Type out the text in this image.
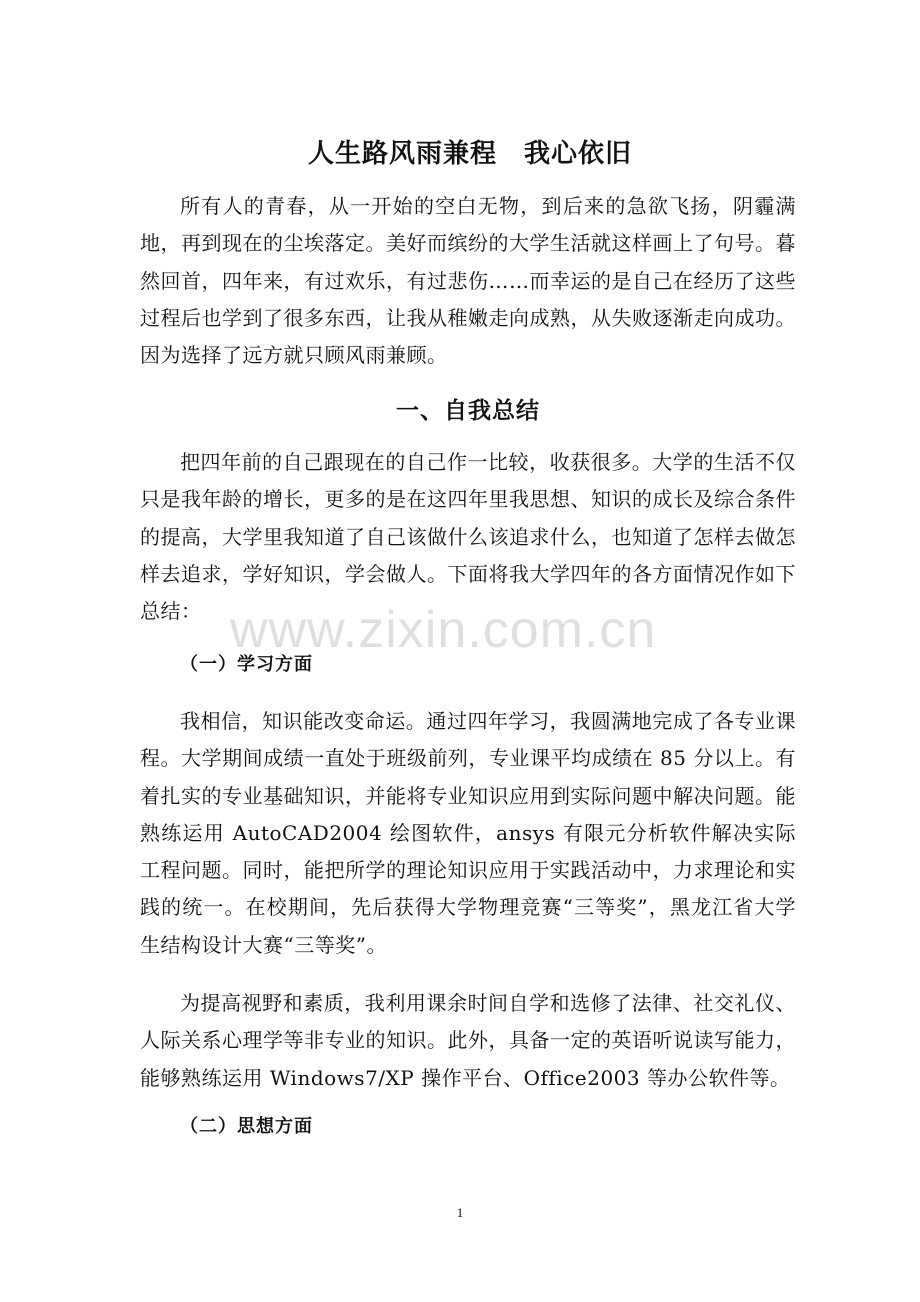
人生路风雨兼程　我心依旧

所有人的青春，从一开始的空白无物，到后来的急欲飞扬，阴霾满地，再到现在的尘埃落定。美好而缤纷的大学生活就这样画上了句号。暮然回首，四年来，有过欢乐，有过悲伤……而幸运的是自己在经历了这些过程后也学到了很多东西，让我从稚嫩走向成熟，从失败逐渐走向成功。因为选择了远方就只顾风雨兼顾。

一、自我总结

把四年前的自己跟现在的自己作一比较，收获很多。大学的生活不仅只是我年龄的增长，更多的是在这四年里我思想、知识的成长及综合条件的提高，大学里我知道了自己该做什么该追求什么，也知道了怎样去做怎样去追求，学好知识，学会做人。下面将我大学四年的各方面情况作如下总结：

（一）学习方面

我相信，知识能改变命运。通过四年学习，我圆满地完成了各专业课程。大学期间成绩一直处于班级前列，专业课平均成绩在 85 分以上。有着扎实的专业基础知识，并能将专业知识应用到实际问题中解决问题。能熟练运用 AutoCAD2004 绘图软件，ansys 有限元分析软件解决实际工程问题。同时，能把所学的理论知识应用于实践活动中，力求理论和实践的统一。在校期间，先后获得大学物理竞赛“三等奖”，黑龙江省大学生结构设计大赛“三等奖”。

为提高视野和素质，我利用课余时间自学和选修了法律、社交礼仪、人际关系心理学等非专业的知识。此外，具备一定的英语听说读写能力，能够熟练运用 Windows7/XP 操作平台、Office2003 等办公软件等。

（二）思想方面
www.zixin.com.cn
1
